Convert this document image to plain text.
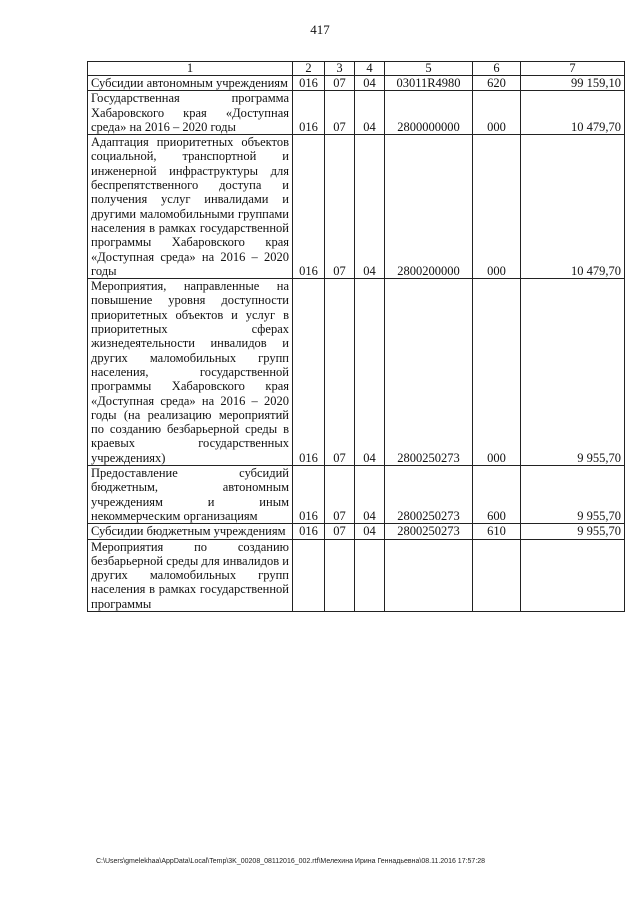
417
1	2	3	4	5	6	7
Субсидии автономным учреждениям	016	07	04	03011R4980	620	99 159,10
Государственная программа Хабаровского края «Доступная среда» на 2016 – 2020 годы	016	07	04	2800000000	000	10 479,70
Адаптация приоритетных объектов социальной, транспортной и инженерной инфраструктуры для беспрепятственного доступа и получения услуг инвалидами и другими маломобильными группами населения в рамках государственной программы Хабаровского края «Доступная среда» на 2016 – 2020 годы	016	07	04	2800200000	000	10 479,70
Мероприятия, направленные на повышение уровня доступности приоритетных объектов и услуг в приоритетных сферах жизнедеятельности инвалидов и других маломобильных групп населения, государственной программы Хабаровского края «Доступная среда» на 2016 – 2020 годы (на реализацию мероприятий по созданию безбарьерной среды в краевых государственных учреждениях)	016	07	04	2800250273	000	9 955,70
Предоставление субсидий бюджетным, автономным учреждениям и иным некоммерческим организациям	016	07	04	2800250273	600	9 955,70
Субсидии бюджетным учреждениям	016	07	04	2800250273	610	9 955,70
Мероприятия по созданию безбарьерной среды для инвалидов и других маломобильных групп населения в рамках государственной программы						
C:\Users\gmelekhaa\AppData\Local\Temp\3K_00208_08112016_002.rtf\Мелехина Ирина Геннадьевна\08.11.2016 17:57:28
